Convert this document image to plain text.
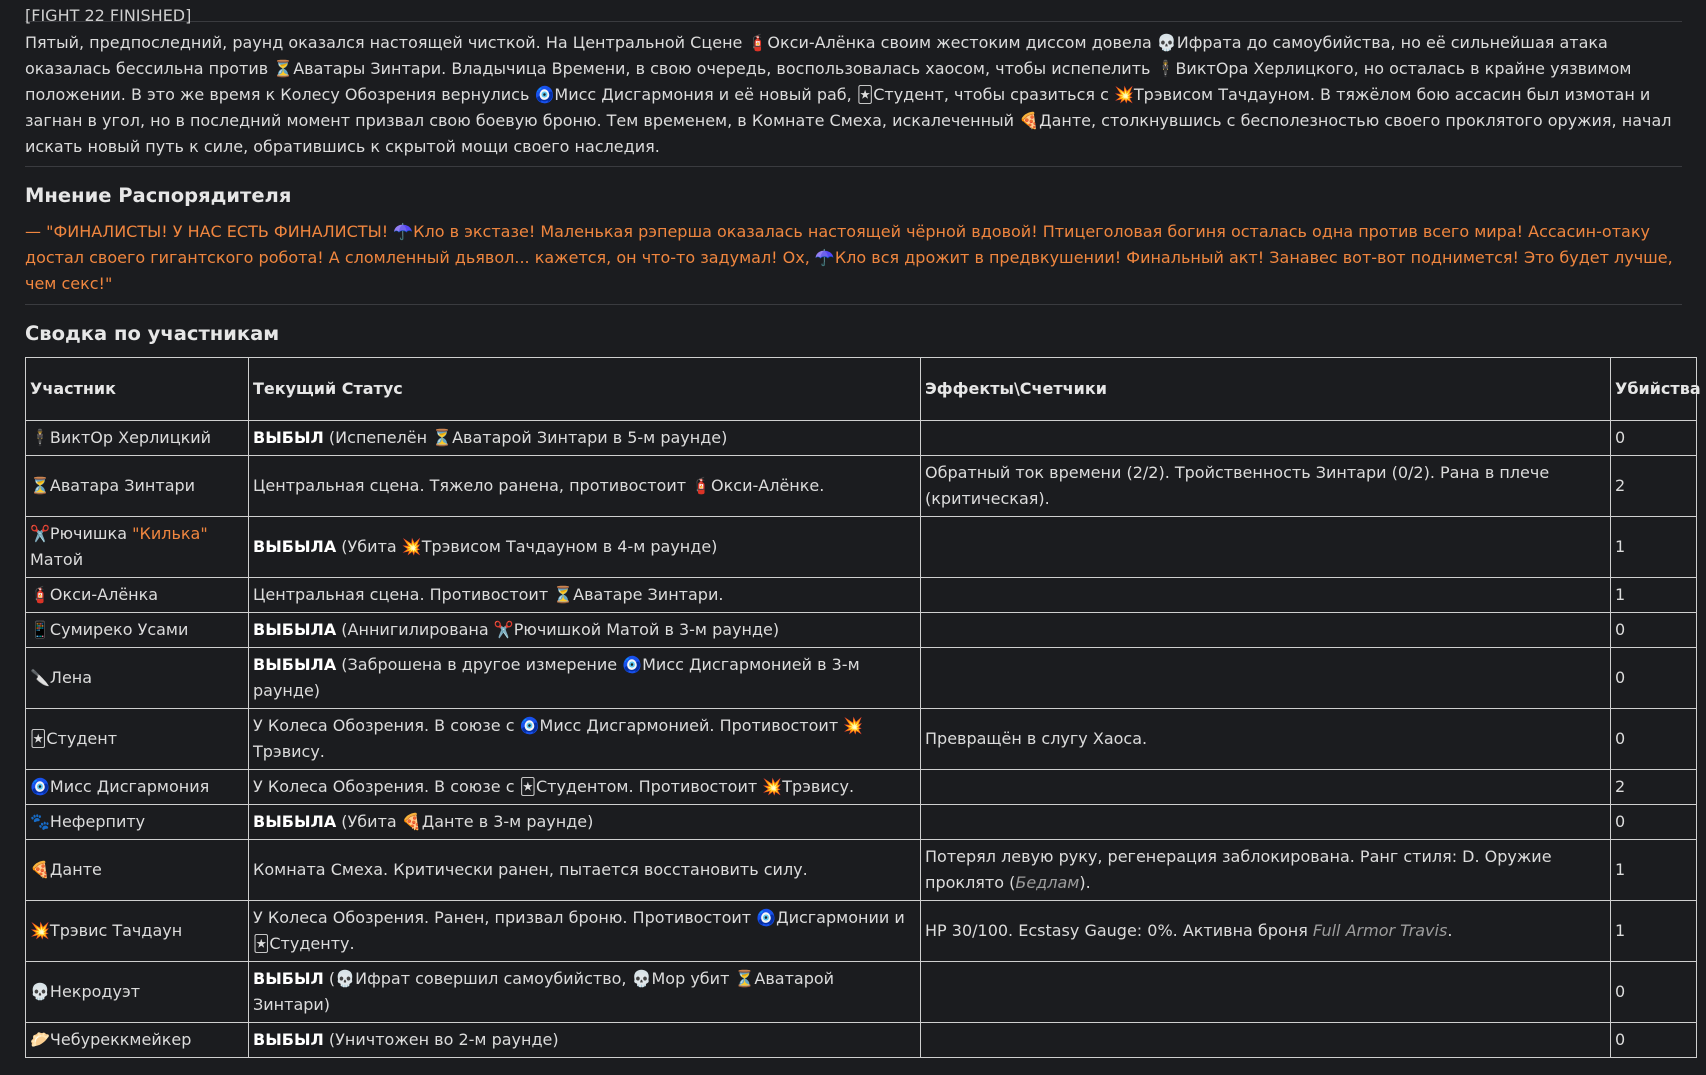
[FIGHT 22 FINISHED]

Пятый, предпоследний, раунд оказался настоящей чисткой. На Центральной Сцене 🧯Окси-Алёнка своим жестоким диссом довела 💀Ифрата до самоубийства, но её сильнейшая атака оказалась бессильна против ⏳Аватары Зинтари. Владычица Времени, в свою очередь, воспользовалась хаосом, чтобы испепелить 🕴ВиктОра Херлицкого, но осталась в крайне уязвимом положении. В это же время к Колесу Обозрения вернулись 🧿Мисс Дисгармония и её новый раб, 🃏Студент, чтобы сразиться с 💥Трэвисом Тачдауном. В тяжёлом бою ассасин был измотан и загнан в угол, но в последний момент призвал свою боевую броню. Тем временем, в Комнате Смеха, искалеченный 🍕Данте, столкнувшись с бесполезностью своего проклятого оружия, начал искать новый путь к силе, обратившись к скрытой мощи своего наследия.

Мнение Распорядителя

— "ФИНАЛИСТЫ! У НАС ЕСТЬ ФИНАЛИСТЫ! ☂️Кло в экстазе! Маленькая рэперша оказалась настоящей чёрной вдовой! Птицеголовая богиня осталась одна против всего мира! Ассасин-отаку достал своего гигантского робота! А сломленный дьявол... кажется, он что-то задумал! Ох, ☂️Кло вся дрожит в предвкушении! Финальный акт! Занавес вот-вот поднимется! Это будет лучше, чем секс!"

Сводка по участникам
Участник	Текущий Статус	Эффекты\Счетчики	Убийства
🕴ВиктОр Херлицкий	ВЫБЫЛ (Испепелён ⏳Аватарой Зинтари в 5-м раунде)		0
⏳Аватара Зинтари	Центральная сцена. Тяжело ранена, противостоит 🧯Окси-Алёнке.	Обратный ток времени (2/2). Тройственность Зинтари (0/2). Рана в плече (критическая).	2
✂️Рючишка "Килька" Матой	ВЫБЫЛА (Убита 💥Трэвисом Тачдауном в 4-м раунде)		1
🧯Окси-Алёнка	Центральная сцена. Противостоит ⏳Аватаре Зинтари.		1
📱Сумиреко Усами	ВЫБЫЛА (Аннигилирована ✂️Рючишкой Матой в 3-м раунде)		0
🔪Лена	ВЫБЫЛА (Заброшена в другое измерение 🧿Мисс Дисгармонией в 3-м раунде)		0
🃏Студент	У Колеса Обозрения. В союзе с 🧿Мисс Дисгармонией. Противостоит 💥Трэвису.	Превращён в слугу Хаоса.	0
🧿Мисс Дисгармония	У Колеса Обозрения. В союзе с 🃏Студентом. Противостоит 💥Трэвису.		2
🐾Неферпиту	ВЫБЫЛА (Убита 🍕Данте в 3-м раунде)		0
🍕Данте	Комната Смеха. Критически ранен, пытается восстановить силу.	Потерял левую руку, регенерация заблокирована. Ранг стиля: D. Оружие проклято (Бедлам).	1
💥Трэвис Тачдаун	У Колеса Обозрения. Ранен, призвал броню. Противостоит 🧿Дисгармонии и 🃏Студенту.	HP 30/100. Ecstasy Gauge: 0%. Активна броня Full Armor Travis.	1
💀Некродуэт	ВЫБЫЛ (💀Ифрат совершил самоубийство, 💀Мор убит ⏳Аватарой Зинтари)		0
🥟Чебуреккмейкер	ВЫБЫЛ (Уничтожен во 2-м раунде)		0
